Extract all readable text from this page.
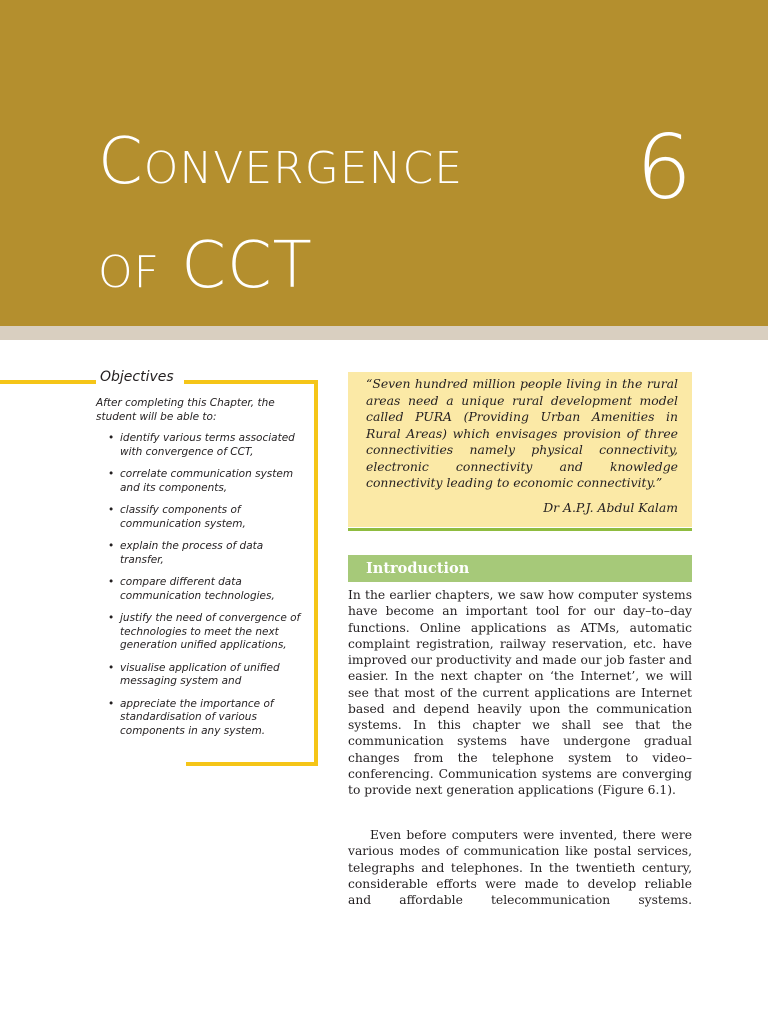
CONVERGENCE
OF CCT
6
Objectives
After completing this Chapter, the student will be able to:
• identify various terms associated with convergence of CCT,
• correlate communication system and its components,
• classify components of communication system,
• explain the process of data transfer,
• compare different data communication technologies,
• justify the need of convergence of technologies to meet the next generation unified applications,
• visualise application of unified messaging system and
• appreciate the importance of standardisation of various components in any system.

“Seven hundred million people living in the rural areas need a unique rural development model called PURA (Providing Urban Amenities in Rural Areas) which envisages provision of three connectivities namely physical connectivity, electronic connectivity and knowledge connectivity leading to economic connectivity.”

Dr A.P.J. Abdul Kalam

Introduction

In the earlier chapters, we saw how computer systems have become an important tool for our day–to–day functions. Online applications as ATMs, automatic complaint registration, railway reservation, etc. have improved our productivity and made our job faster and easier. In the next chapter on ‘the Internet’, we will see that most of the current applications are Internet based and depend heavily upon the communication systems. In this chapter we shall see that the communication systems have undergone gradual changes from the telephone system to video–conferencing. Communication systems are converging to provide next generation applications (Figure 6.1).

Even before computers were invented, there were various modes of communication like postal services, telegraphs and telephones. In the twentieth century, considerable efforts were made to develop reliable and affordable telecommunication systems.
